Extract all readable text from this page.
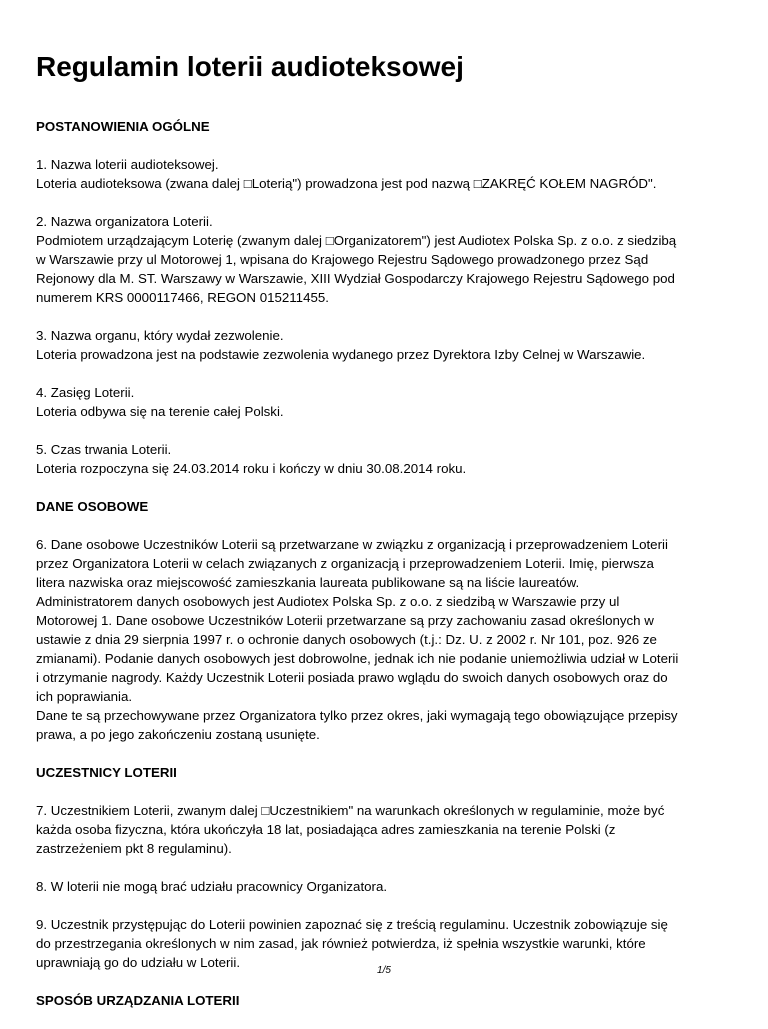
Regulamin loterii audioteksowej
POSTANOWIENIA OGÓLNE
1. Nazwa loterii audioteksowej.
Loteria audioteksowa (zwana dalej □Loterią") prowadzona jest pod nazwą □ZAKRĘĆ KOŁEM NAGRÓD".
2. Nazwa organizatora Loterii.
Podmiotem urządzającym Loterię (zwanym dalej □Organizatorem") jest Audiotex Polska Sp. z o.o. z siedzibą
w Warszawie przy ul Motorowej 1, wpisana do Krajowego Rejestru Sądowego prowadzonego przez Sąd
Rejonowy dla M. ST. Warszawy w Warszawie, XIII Wydział Gospodarczy Krajowego Rejestru Sądowego pod
numerem KRS 0000117466, REGON 015211455.
3. Nazwa organu, który wydał zezwolenie.
Loteria prowadzona jest na podstawie zezwolenia wydanego przez Dyrektora Izby Celnej w Warszawie.
4. Zasięg Loterii.
Loteria odbywa się na terenie całej Polski.
5. Czas trwania Loterii.
Loteria rozpoczyna się 24.03.2014 roku i kończy w dniu 30.08.2014 roku.
DANE OSOBOWE
6. Dane osobowe Uczestników Loterii są przetwarzane w związku z organizacją i przeprowadzeniem Loterii
przez Organizatora Loterii w celach związanych z organizacją i przeprowadzeniem Loterii. Imię, pierwsza
litera nazwiska oraz miejscowość zamieszkania laureata publikowane są na liście laureatów.
Administratorem danych osobowych jest Audiotex Polska Sp. z o.o. z siedzibą w Warszawie przy ul
Motorowej 1. Dane osobowe Uczestników Loterii przetwarzane są przy zachowaniu zasad określonych w
ustawie z dnia 29 sierpnia 1997 r. o ochronie danych osobowych (t.j.: Dz. U. z 2002 r. Nr 101, poz. 926 ze
zmianami). Podanie danych osobowych jest dobrowolne, jednak ich nie podanie uniemożliwia udział w Loterii
i otrzymanie nagrody. Każdy Uczestnik Loterii posiada prawo wglądu do swoich danych osobowych oraz do
ich poprawiania.
Dane te są przechowywane przez Organizatora tylko przez okres, jaki wymagają tego obowiązujące przepisy
prawa, a po jego zakończeniu zostaną usunięte.
UCZESTNICY LOTERII
7. Uczestnikiem Loterii, zwanym dalej □Uczestnikiem" na warunkach określonych w regulaminie, może być
każda osoba fizyczna, która ukończyła 18 lat, posiadająca adres zamieszkania na terenie Polski (z
zastrzeżeniem pkt 8 regulaminu).
8. W loterii nie mogą brać udziału pracownicy Organizatora.
9. Uczestnik przystępując do Loterii powinien zapoznać się z treścią regulaminu. Uczestnik zobowiązuje się
do przestrzegania określonych w nim zasad, jak również potwierdza, iż spełnia wszystkie warunki, które
uprawniają go do udziału w Loterii.
SPOSÓB URZĄDZANIA LOTERII
1/5
